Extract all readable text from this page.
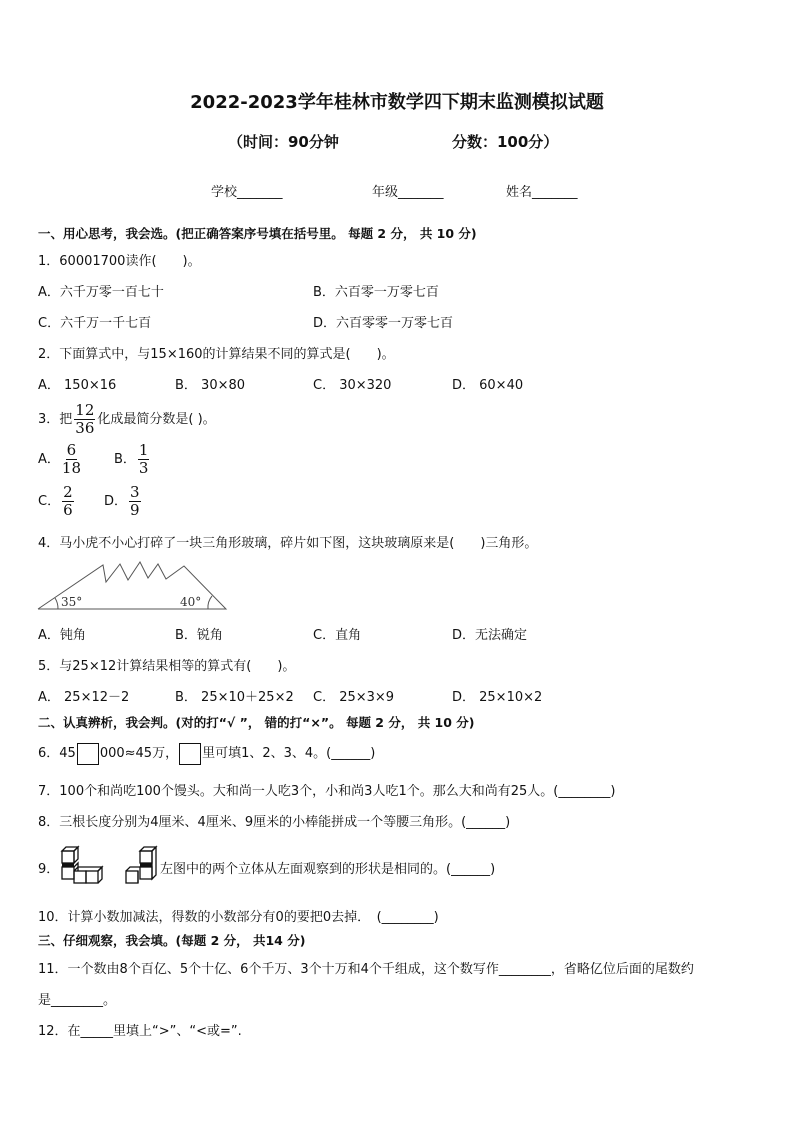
2022-2023学年桂林市数学四下期末监测模拟试题
（时间：90分钟	分数：100分）
学校_______	年级_______	姓名_______
一、用心思考，我会选。(把正确答案序号填在括号里。 每题 2 分， 共 10 分)
1．60001700读作(　　)。
A．六千万零一百七十	B．六百零一万零七百
C．六千万一千七百	D．六百零零一万零七百
2．下面算式中，与15×160的计算结果不同的算式是(　　)。
A． 150×16	B． 30×80	C． 30×320	D． 60×40
3．把 $\frac{12}{36}$ 化成最简分数是( )。
A． $\frac{6}{18}$	B． $\frac{1}{3}$
C． $\frac{2}{6}$ D． $\frac{3}{9}$
4．马小虎不小心打碎了一块三角形玻璃，碎片如下图，这块玻璃原来是(　　)三角形。
35°	40°
A．钝角	B．锐角	C．直角	D．无法确定
5．与25×12计算结果相等的算式有(　　)。
A． 25×12－2	B． 25×10＋25×2 C． 25×3×9	D． 25×10×2
二、认真辨析，我会判。(对的打“√ ”， 错的打“×”。 每题 2 分， 共 10 分)
6．45 000≈45万， 里可填1、2、3、4。(______)
7．100个和尚吃100个馒头。大和尚一人吃3个，小和尚3人吃1个。那么大和尚有25人。(________)
8．三根长度分别为4厘米、4厘米、9厘米的小棒能拼成一个等腰三角形。(______)
9．	左图中的两个立体从左面观察到的形状是相同的。(______)
10．计算小数加减法，得数的小数部分有0的要把0去掉．　(________)
三、仔细观察，我会填。(每题 2 分， 共14 分)
11．一个数由8个百亿、5个十亿、6个千万、3个十万和4个千组成，这个数写作________，省略亿位后面的尾数约
是________。
12．在_____里填上“>”、“<或=”.
